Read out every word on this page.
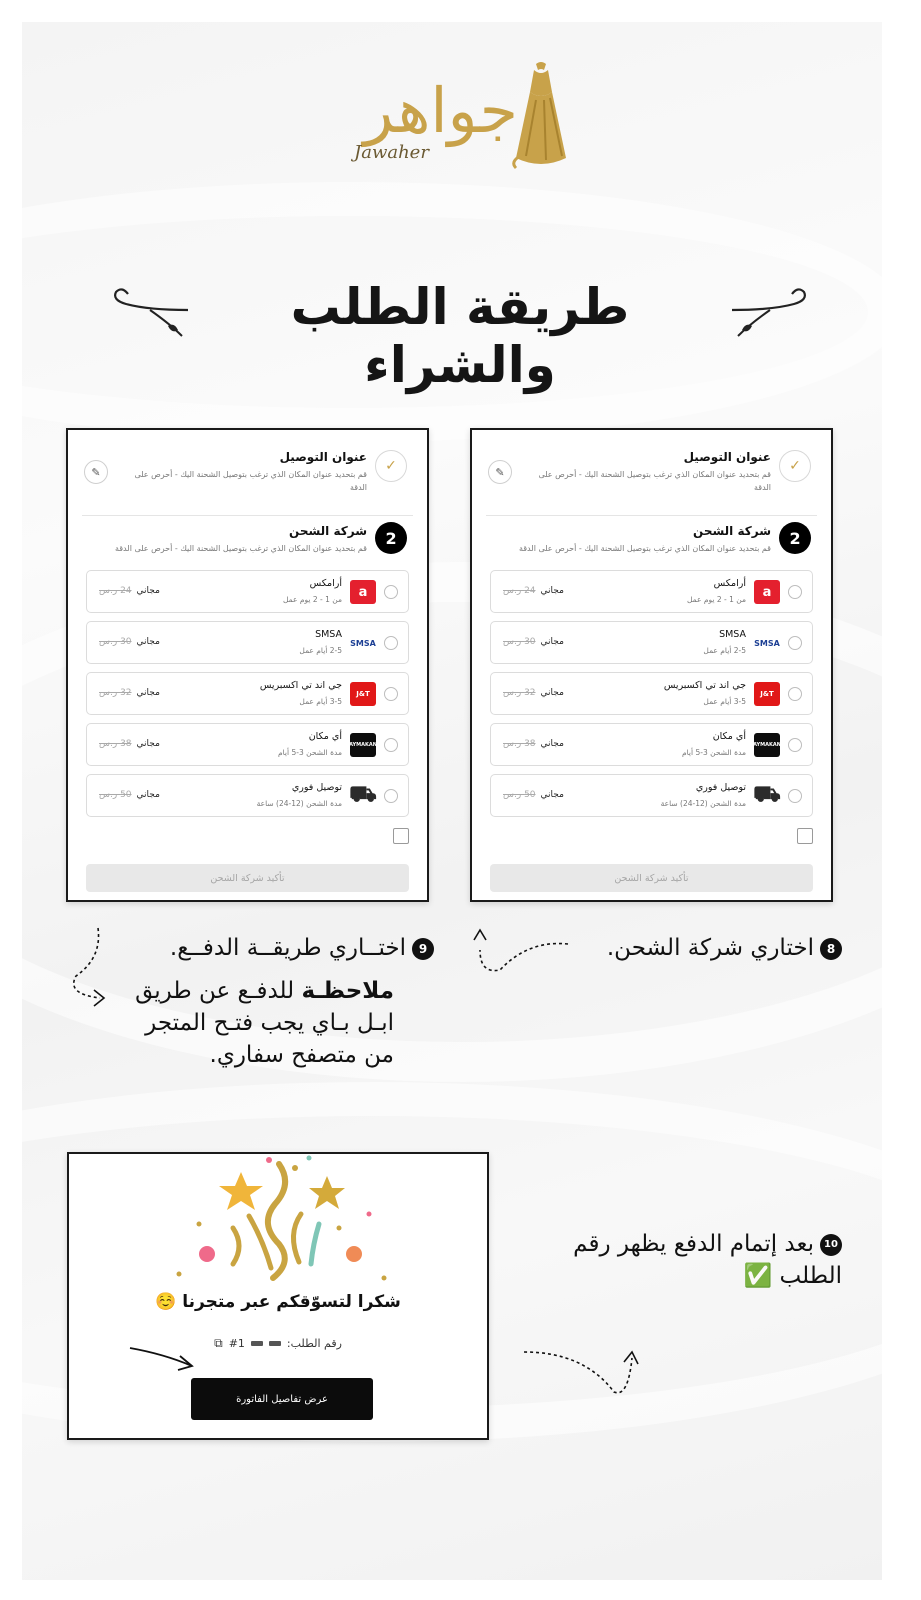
جواهر
Jawaher
طريقة الطلب والشراء
✓
عنوان التوصيل
قم بتحديد عنوان المكان الذي ترغب بتوصيل الشحنة اليك - أحرص على الدقة
✎
2
شركة الشحن
قم بتحديد عنوان المكان الذي ترغب بتوصيل الشحنة اليك - أحرص على الدقة
a
أرامكس
من 1 - 2 يوم عمل
مجاني24 ر.س
SMSA
SMSA
2-5 أيام عمل
مجاني30 ر.س
J&T
جي اند تي اكسبريس
3-5 أيام عمل
مجاني32 ر.س
AYMAKAN
أي مكان
مدة الشحن 3-5 أيام
مجاني38 ر.س
⛟
توصيل فوري
مدة الشحن (12-24) ساعة
مجاني50 ر.س
تأكيد شركة الشحن
✓
عنوان التوصيل
قم بتحديد عنوان المكان الذي ترغب بتوصيل الشحنة اليك - أحرص على الدقة
✎
2
شركة الشحن
قم بتحديد عنوان المكان الذي ترغب بتوصيل الشحنة اليك - أحرص على الدقة
a
أرامكس
من 1 - 2 يوم عمل
مجاني24 ر.س
SMSA
SMSA
2-5 أيام عمل
مجاني30 ر.س
J&T
جي اند تي اكسبريس
3-5 أيام عمل
مجاني32 ر.س
AYMAKAN
أي مكان
مدة الشحن 3-5 أيام
مجاني38 ر.س
⛟
توصيل فوري
مدة الشحن (12-24) ساعة
مجاني50 ر.س
تأكيد شركة الشحن
8اختاري شركة الشحن.
9اختــاري طريقــة الدفــع.
ملاحظـة للدفـع عن طريق ابـل بـاي يجب فتـح المتجر من متصفح سفاري.
10بعد إتمام الدفع يظهر رقم الطلب ✅
شكرا لتسوّقكم عبر متجرنا ☺️
رقم الطلب:
#1
⧉
عرض تفاصيل الفاتورة
